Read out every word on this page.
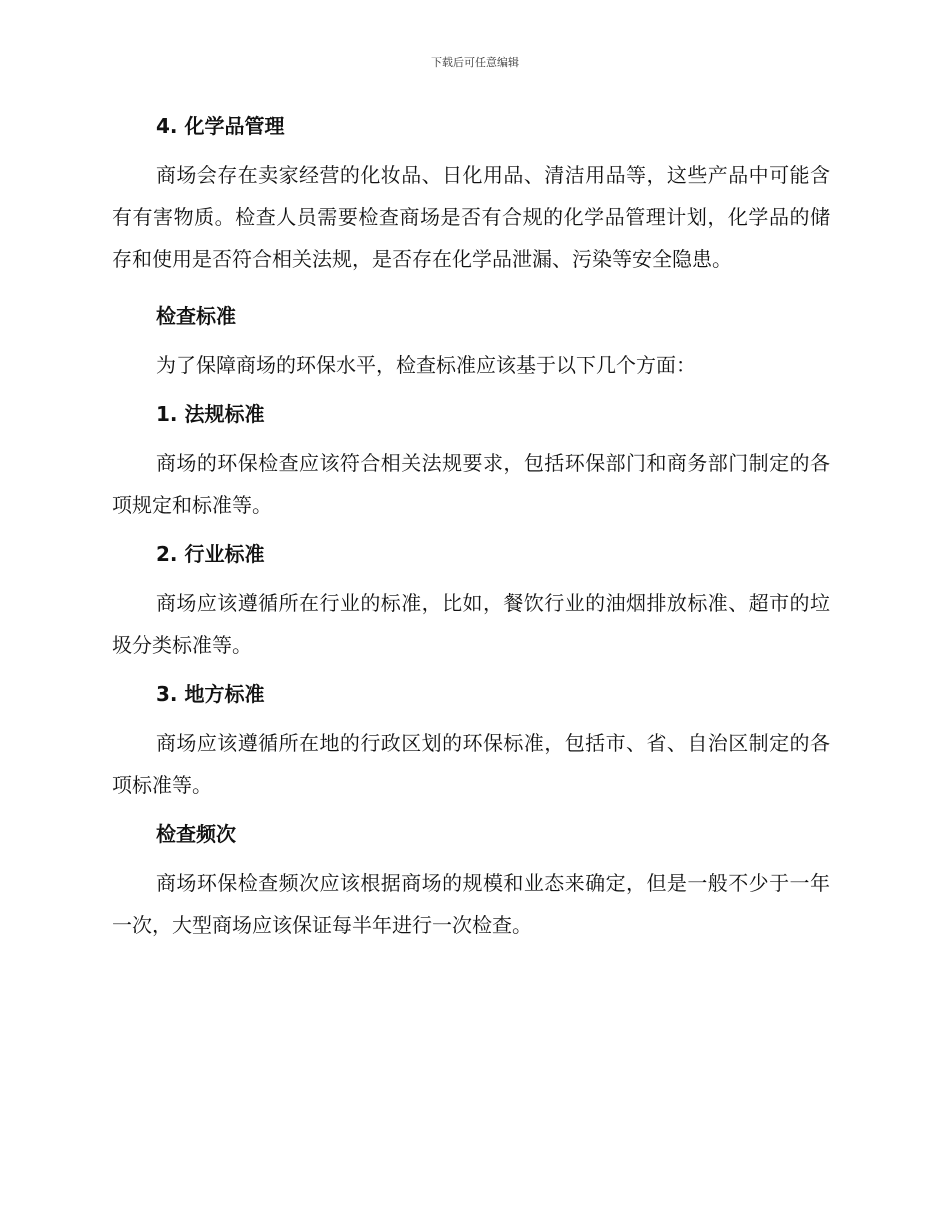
下载后可任意编辑
4. 化学品管理
商场会存在卖家经营的化妆品、日化用品、清洁用品等，这些产品中可能含有有害物质。检查人员需要检查商场是否有合规的化学品管理计划，化学品的储存和使用是否符合相关法规，是否存在化学品泄漏、污染等安全隐患。
检查标准
为了保障商场的环保水平，检查标准应该基于以下几个方面：
1. 法规标准
商场的环保检查应该符合相关法规要求，包括环保部门和商务部门制定的各项规定和标准等。
2. 行业标准
商场应该遵循所在行业的标准，比如，餐饮行业的油烟排放标准、超市的垃圾分类标准等。
3. 地方标准
商场应该遵循所在地的行政区划的环保标准，包括市、省、自治区制定的各项标准等。
检查频次
商场环保检查频次应该根据商场的规模和业态来确定，但是一般不少于一年一次，大型商场应该保证每半年进行一次检查。
